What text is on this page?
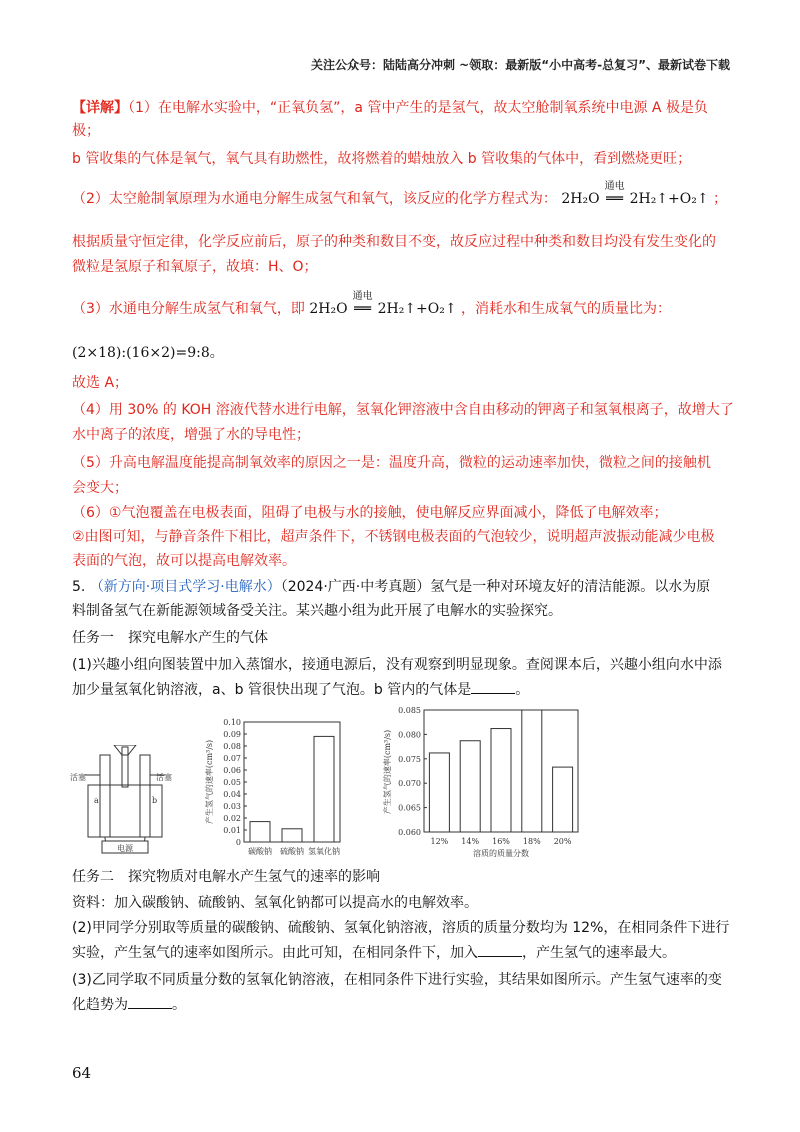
关注公众号：陆陆高分冲刺 ~领取：最新版“小中高考-总复习”、最新试卷下载
【详解】（1）在电解水实验中，“正氧负氢”，a 管中产生的是氢气，故太空舱制氧系统中电源 A 极是负
极；
b 管收集的气体是氧气，氧气具有助燃性，故将燃着的蜡烛放入 b 管收集的气体中，看到燃烧更旺；
（2）太空舱制氧原理为水通电分解生成氢气和氧气，该反应的化学方程式为： 2H₂O
通电
══ 2H₂↑+O₂↑ ；
根据质量守恒定律，化学反应前后，原子的种类和数目不变，故反应过程中种类和数目均没有发生变化的
微粒是氢原子和氧原子，故填：H、O；
（3）水通电分解生成氢气和氧气，即 2H₂O
通电
══ 2H₂↑+O₂↑ ，消耗水和生成氧气的质量比为：
(2×18):(16×2)=9:8。
故选 A；
（4）用 30% 的 KOH 溶液代替水进行电解，氢氧化钾溶液中含自由移动的钾离子和氢氧根离子，故增大了
水中离子的浓度，增强了水的导电性；
（5）升高电解温度能提高制氧效率的原因之一是：温度升高，微粒的运动速率加快，微粒之间的接触机
会变大；
（6）①气泡覆盖在电极表面，阻碍了电极与水的接触，使电解反应界面减小，降低了电解效率；
②由图可知，与静音条件下相比，超声条件下，不锈钢电极表面的气泡较少，说明超声波振动能减少电极
表面的气泡，故可以提高电解效率。
5. （新方向·项目式学习·电解水）（2024·广西·中考真题）氢气是一种对环境友好的清洁能源。以水为原
料制备氢气在新能源领域备受关注。某兴趣小组为此开展了电解水的实验探究。
任务一　探究电解水产生的气体
(1)兴趣小组向图装置中加入蒸馏水，接通电源后，没有观察到明显现象。查阅课本后，兴趣小组向水中添
加少量氢氧化钠溶液，a、b 管很快出现了气泡。b 管内的气体是	。
活塞	活塞
a	b
电源
0
0.01
0.02
0.03
0.04
0.05
0.06
0.07
0.08
0.09
0.10
碳酸钠 硫酸钠 氢氧化钠
产生氢气的速率(cm³/s)
0.060
0.065
0.070
0.075
0.080
0.085
12% 14% 16% 18% 20%
产生氢气的速率(cm³/s)
溶质的质量分数
任务二　探究物质对电解水产生氢气的速率的影响
资料：加入碳酸钠、硫酸钠、氢氧化钠都可以提高水的电解效率。
(2)甲同学分别取等质量的碳酸钠、硫酸钠、氢氧化钠溶液，溶质的质量分数均为 12%，在相同条件下进行
实验，产生氢气的速率如图所示。由此可知，在相同条件下，加入	，产生氢气的速率最大。
(3)乙同学取不同质量分数的氢氧化钠溶液，在相同条件下进行实验，其结果如图所示。产生氢气速率的变
化趋势为	。
64
